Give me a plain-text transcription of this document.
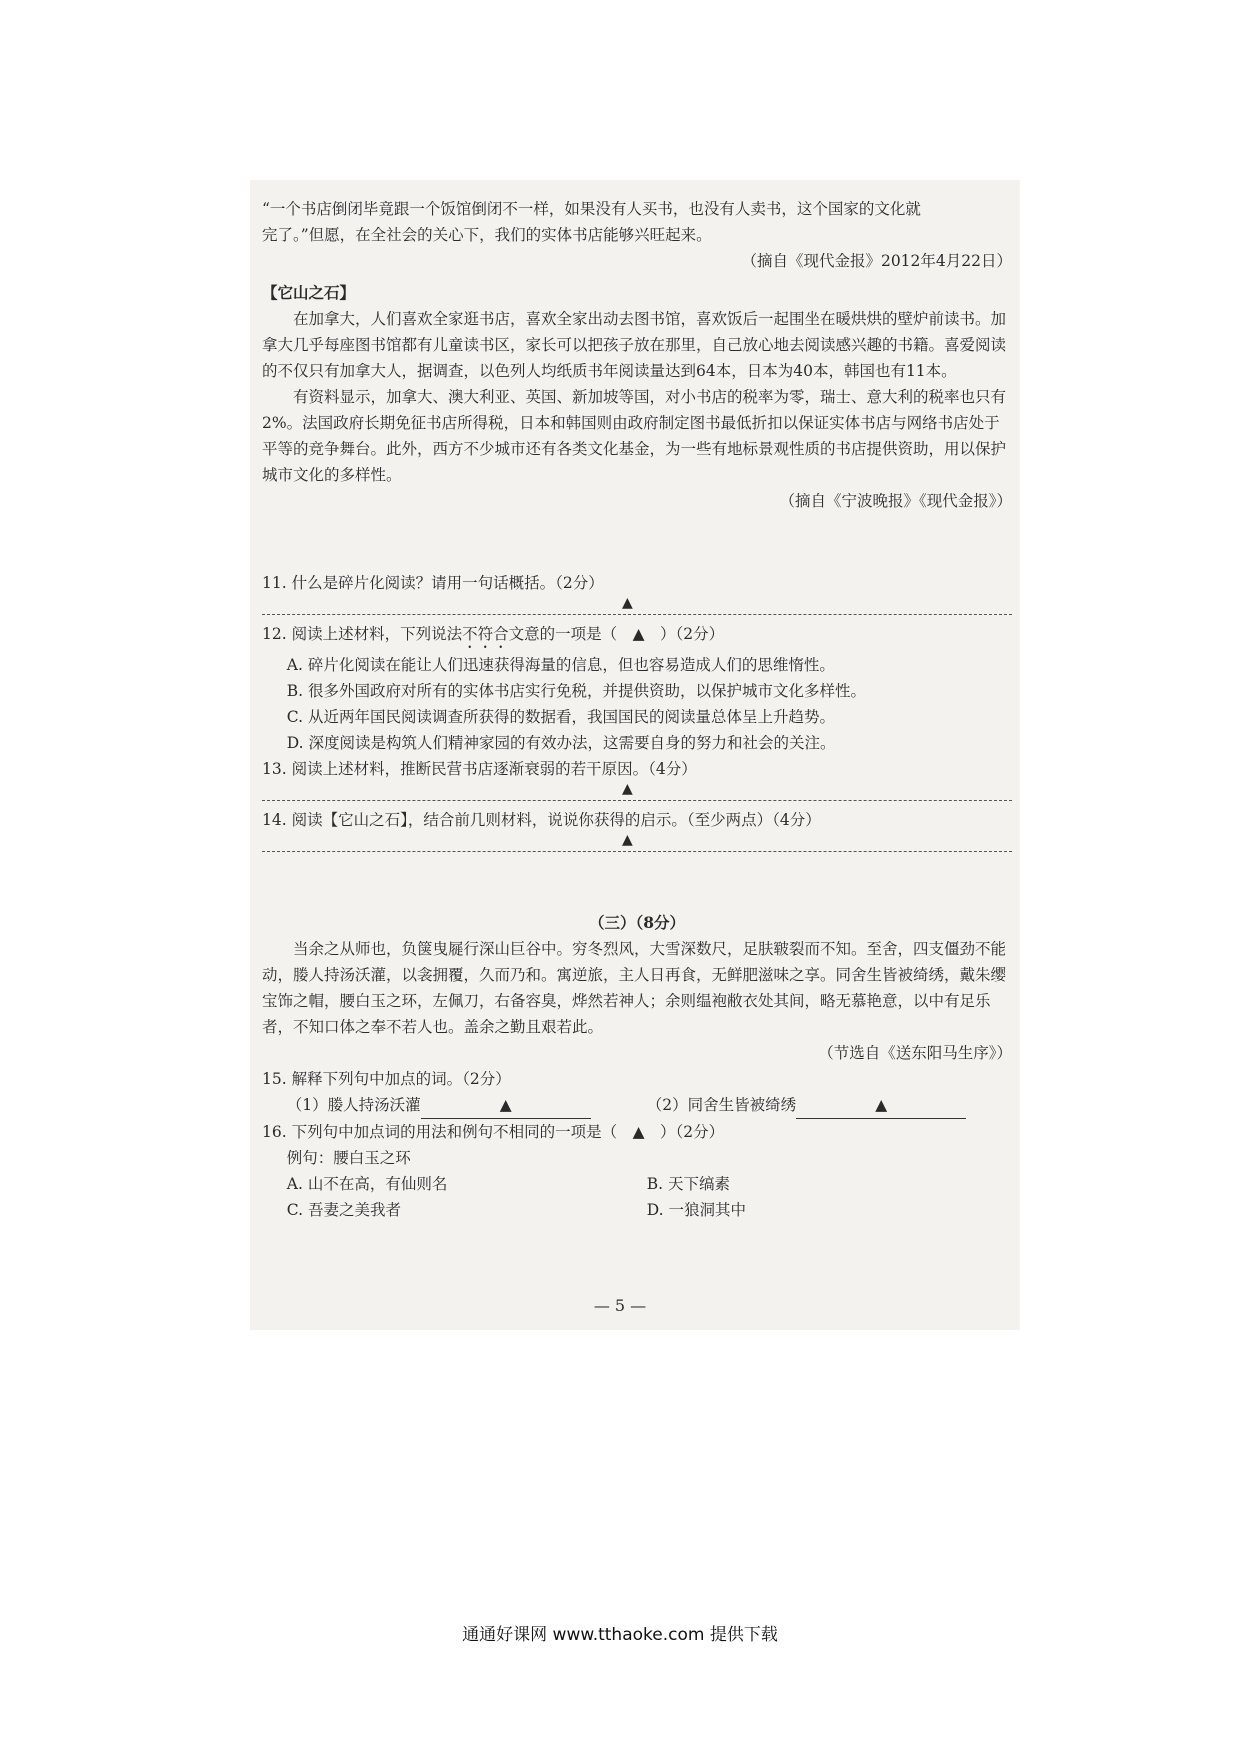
“一个书店倒闭毕竟跟一个饭馆倒闭不一样，如果没有人买书，也没有人卖书，这个国家的文化就

完了。”但愿，在全社会的关心下，我们的实体书店能够兴旺起来。

（摘自《现代金报》2012年4月22日）

【它山之石】

在加拿大，人们喜欢全家逛书店，喜欢全家出动去图书馆，喜欢饭后一起围坐在暖烘烘的壁炉前读书。加拿大几乎每座图书馆都有儿童读书区，家长可以把孩子放在那里，自己放心地去阅读感兴趣的书籍。喜爱阅读的不仅只有加拿大人，据调查，以色列人均纸质书年阅读量达到64本，日本为40本，韩国也有11本。

有资料显示，加拿大、澳大利亚、英国、新加坡等国，对小书店的税率为零，瑞士、意大利的税率也只有2%。法国政府长期免征书店所得税，日本和韩国则由政府制定图书最低折扣以保证实体书店与网络书店处于平等的竞争舞台。此外，西方不少城市还有各类文化基金，为一些有地标景观性质的书店提供资助，用以保护城市文化的多样性。

（摘自《宁波晚报》《现代金报》）

11. 什么是碎片化阅读？请用一句话概括。（2分）

▲

12. 阅读上述材料，下列说法不符合文意的一项是（　▲　）（2分）

A. 碎片化阅读在能让人们迅速获得海量的信息，但也容易造成人们的思维惰性。

B. 很多外国政府对所有的实体书店实行免税，并提供资助，以保护城市文化多样性。

C. 从近两年国民阅读调查所获得的数据看，我国国民的阅读量总体呈上升趋势。

D. 深度阅读是构筑人们精神家园的有效办法，这需要自身的努力和社会的关注。

13. 阅读上述材料，推断民营书店逐渐衰弱的若干原因。（4分）

▲

14. 阅读【它山之石】，结合前几则材料，说说你获得的启示。（至少两点）（4分）

▲

（三）（8分）

当余之从师也，负箧曳屣行深山巨谷中。穷冬烈风，大雪深数尺，足肤皲裂而不知。至舍，四支僵劲不能动，媵人持汤沃灌，以衾拥覆，久而乃和。寓逆旅，主人日再食，无鲜肥滋味之享。同舍生皆被绮绣，戴朱缨宝饰之帽，腰白玉之环，左佩刀，右备容臭，烨然若神人；余则缊袍敝衣处其间，略无慕艳意，以中有足乐者，不知口体之奉不若人也。盖余之勤且艰若此。

（节选自《送东阳马生序》）

15. 解释下列句中加点的词。（2分）

（1）媵人持汤沃灌	▲	（2）同舍生皆被绮绣	▲

16. 下列句中加点词的用法和例句不相同的一项是（　▲　）（2分）

例句：腰白玉之环

A. 山不在高，有仙则名	B. 天下缟素
C. 吾妻之美我者	D. 一狼洞其中
— 5 —
通通好课网 www.tthaoke.com 提供下载
